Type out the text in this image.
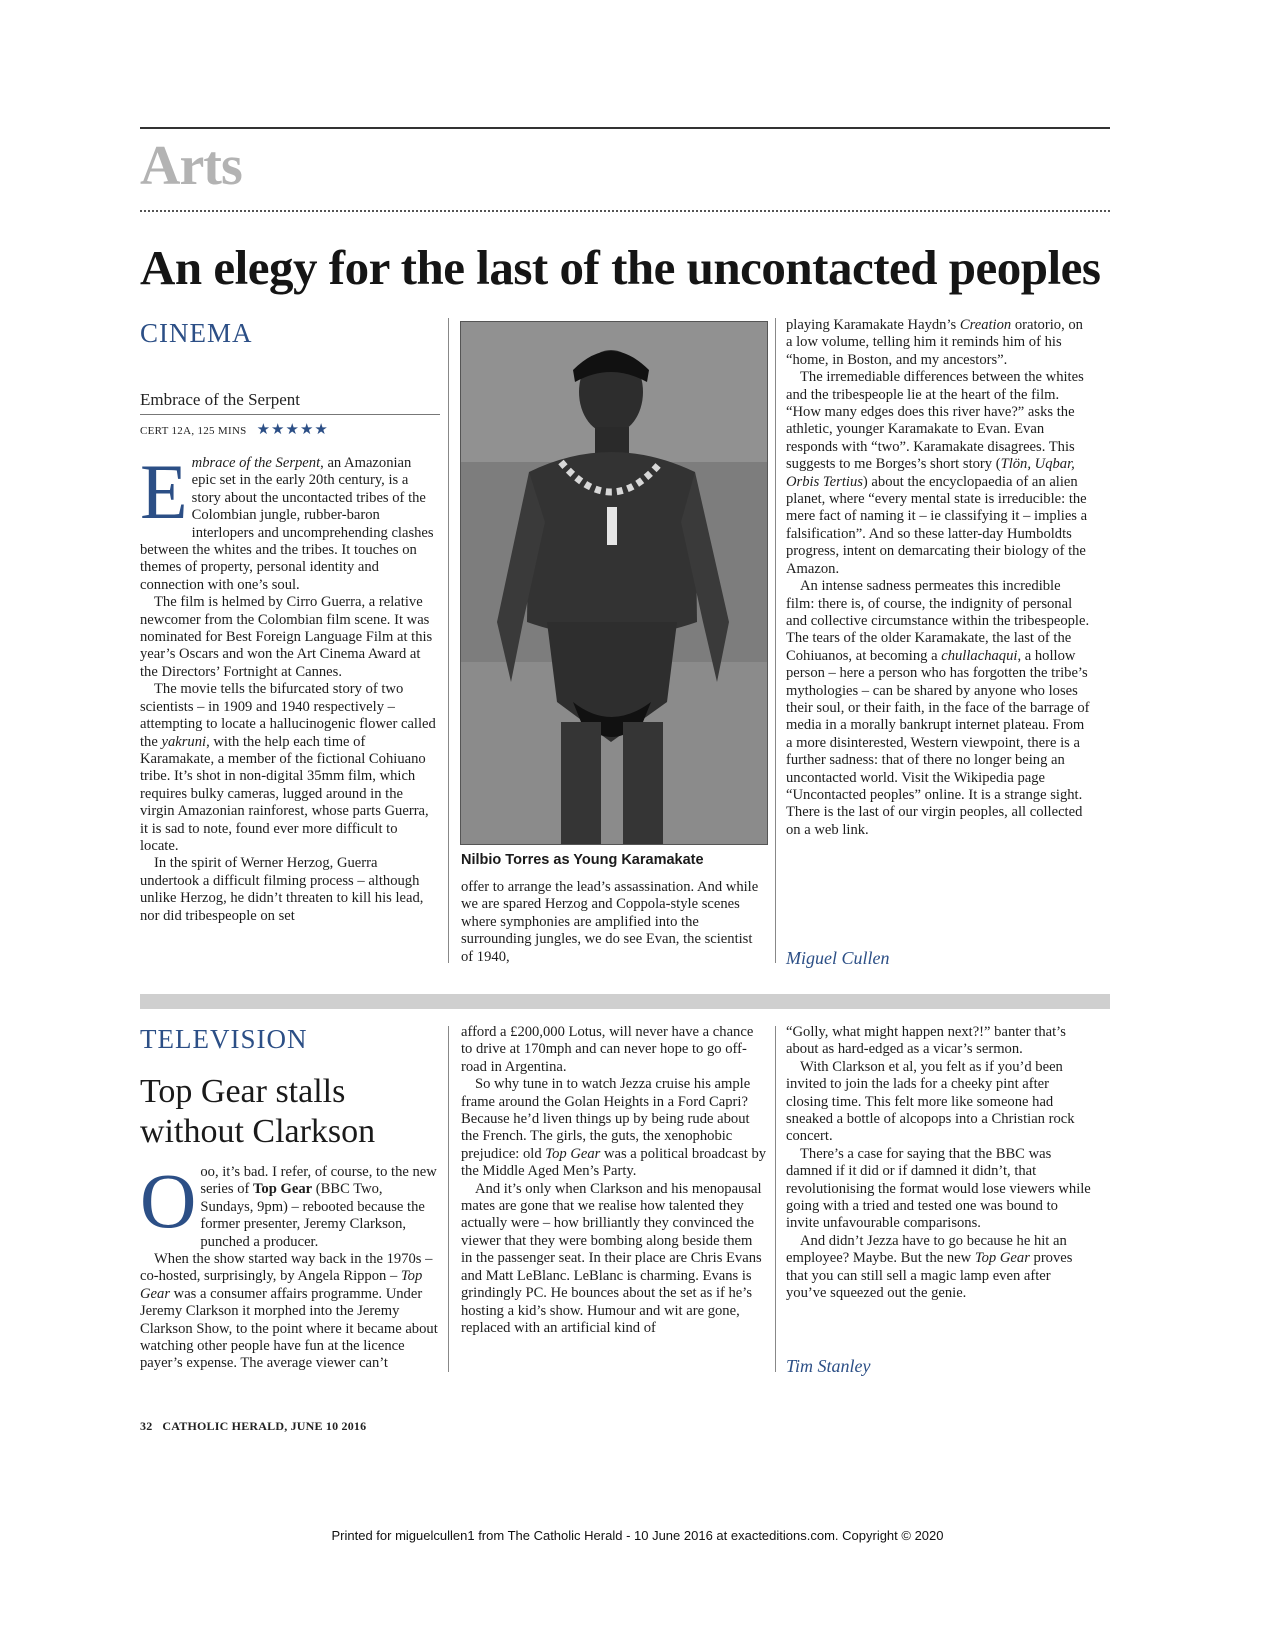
Arts
An elegy for the last of the uncontacted peoples
CINEMA
Embrace of the Serpent
CERT 12A, 125 MINS ★★★★★
E mbrace of the Serpent, an Amazonian epic set in the early 20th century, is a story about the uncontacted tribes of the Colombian jungle, rubber-baron interlopers and uncomprehending clashes between the whites and the tribes. It touches on themes of property, personal identity and connection with one’s soul.

The film is helmed by Cirro Guerra, a relative newcomer from the Colombian film scene. It was nominated for Best Foreign Language Film at this year’s Oscars and won the Art Cinema Award at the Directors’ Fortnight at Cannes.

The movie tells the bifurcated story of two scientists – in 1909 and 1940 respectively – attempting to locate a hallucinogenic flower called the yakruni, with the help each time of Karamakate, a member of the fictional Cohiuano tribe. It’s shot in non-digital 35mm film, which requires bulky cameras, lugged around in the virgin Amazonian rainforest, whose parts Guerra, it is sad to note, found ever more difficult to locate.

In the spirit of Werner Herzog, Guerra undertook a difficult filming process – although unlike Herzog, he didn’t threaten to kill his lead, nor did tribespeople on set

Nilbio Torres as Young Karamakate

offer to arrange the lead’s assassination. And while we are spared Herzog and Coppola-style scenes where symphonies are amplified into the surrounding jungles, we do see Evan, the scientist of 1940,

playing Karamakate Haydn’s Creation oratorio, on a low volume, telling him it reminds him of his “home, in Boston, and my ancestors”.

The irremediable differences between the whites and the tribespeople lie at the heart of the film. “How many edges does this river have?” asks the athletic, younger Karamakate to Evan. Evan responds with “two”. Karamakate disagrees. This suggests to me Borges’s short story (Tlön, Uqbar, Orbis Tertius) about the encyclopaedia of an alien planet, where “every mental state is irreducible: the mere fact of naming it – ie classifying it – implies a falsification”. And so these latter-day Humboldts progress, intent on demarcating their biology of the Amazon.

An intense sadness permeates this incredible film: there is, of course, the indignity of personal and collective circumstance within the tribespeople. The tears of the older Karamakate, the last of the Cohiuanos, at becoming a chullachaqui, a hollow person – here a person who has forgotten the tribe’s mythologies – can be shared by anyone who loses their soul, or their faith, in the face of the barrage of media in a morally bankrupt internet plateau. From a more disinterested, Western viewpoint, there is a further sadness: that of there no longer being an uncontacted world. Visit the Wikipedia page “Uncontacted peoples” online. It is a strange sight. There is the last of our virgin peoples, all collected on a web link.

Miguel Cullen
TELEVISION
Top Gear stalls
without Clarkson
O oo, it’s bad. I refer, of course, to the new series of Top Gear (BBC Two, Sundays, 9pm) – rebooted because the former presenter, Jeremy Clarkson, punched a producer.

When the show started way back in the 1970s – co-hosted, surprisingly, by Angela Rippon – Top Gear was a consumer affairs programme. Under Jeremy Clarkson it morphed into the Jeremy Clarkson Show, to the point where it became about watching other people have fun at the licence payer’s expense. The average viewer can’t

afford a £200,000 Lotus, will never have a chance to drive at 170mph and can never hope to go off-road in Argentina.

So why tune in to watch Jezza cruise his ample frame around the Golan Heights in a Ford Capri? Because he’d liven things up by being rude about the French. The girls, the guts, the xenophobic prejudice: old Top Gear was a political broadcast by the Middle Aged Men’s Party.

And it’s only when Clarkson and his menopausal mates are gone that we realise how talented they actually were – how brilliantly they convinced the viewer that they were bombing along beside them in the passenger seat. In their place are Chris Evans and Matt LeBlanc. LeBlanc is charming. Evans is grindingly PC. He bounces about the set as if he’s hosting a kid’s show. Humour and wit are gone, replaced with an artificial kind of

“Golly, what might happen next?!” banter that’s about as hard-edged as a vicar’s sermon.

With Clarkson et al, you felt as if you’d been invited to join the lads for a cheeky pint after closing time. This felt more like someone had sneaked a bottle of alcopops into a Christian rock concert.

There’s a case for saying that the BBC was damned if it did or if damned it didn’t, that revolutionising the format would lose viewers while going with a tried and tested one was bound to invite unfavourable comparisons.

And didn’t Jezza have to go because he hit an employee? Maybe. But the new Top Gear proves that you can still sell a magic lamp even after you’ve squeezed out the genie.

Tim Stanley
32 CATHOLIC HERALD, JUNE 10 2016
Printed for miguelcullen1 from The Catholic Herald - 10 June 2016 at exacteditions.com. Copyright © 2020
